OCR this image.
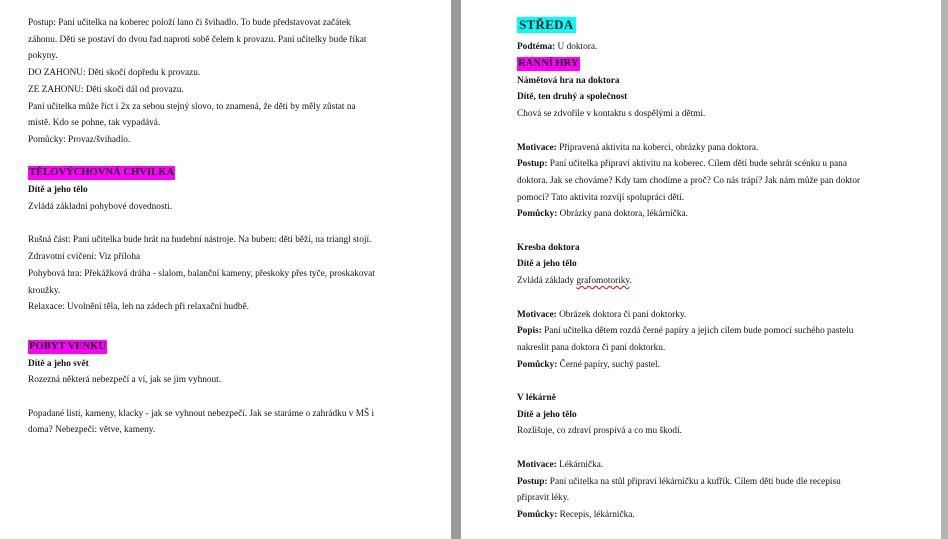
Postup: Paní učitelka na koberec položí lano či švihadlo. To bude představovat začátek

záhonu. Děti se postaví do dvou řad naproti sobě čelem k provazu. Paní učitelky bude říkat

pokyny.

DO ZAHONU: Děti skočí dopředu k provazu.

ZE ZAHONU: Děti skočí dál od provazu.

Paní učitelka může říct i 2x za sebou stejný slovo, to znamená, že děti by měly zůstat na

místě. Kdo se pohne, tak vypadává.

Pomůcky: Provaz/švihadlo.

TĚLOVÝCHOVNÁ CHVILKA

Dítě a jeho tělo

Zvládá základní pohybové dovednosti.

Rušná část: Paní učitelka bude hrát na hudební nástroje. Na buben: děti běží, na triangl stojí.

Zdravotní cvičení: Viz příloha

Pohybová hra: Překážková dráha - slalom, balanční kameny, přeskoky přes tyče, proskakovat

kroužky.

Relaxace: Uvolnění těla, leh na zádech při relaxační hudbě.

POBYT VENKU

Dítě a jeho svět

Rozezná některá nebezpečí a ví, jak se jim vyhnout.

Popadané listí, kameny, klacky - jak se vyhnout nebezpečí. Jak se staráme o zahrádku v MŠ i

doma? Nebezpečí: větve, kameny.

STŘEDA

Podtéma: U doktora.

RANNÍ HRY

Námětová hra na doktora

Dítě, ten druhý a společnost

Chová se zdvořile v kontaktu s dospělými a dětmi.

Motivace: Připravená aktivita na koberci, obrázky pana doktora.

Postup: Paní učitelka připraví aktivitu na koberec. Cílem dětí bude sehrát scénku u pana

doktora. Jak se chováme? Kdy tam chodíme a proč? Co nás trápí? Jak nám může pan doktor

pomoci? Tato aktivita rozvíjí spolupráci dětí.

Pomůcky: Obrázky pana doktora, lékárnička.

Kresba doktora

Dítě a jeho tělo

Zvládá základy grafomotoriky.

Motivace: Obrázek doktora či paní doktorky.

Popis: Paní učitelka dětem rozdá černé papíry a jejich cílem bude pomocí suchého pastelu

nakreslit pana doktora či paní doktorku.

Pomůcky: Černé papíry, suchý pastel.

V lékárně

Dítě a jeho tělo

Rozlišuje, co zdraví prospívá a co mu škodí.

Motivace: Lékárnička.

Postup: Paní učitelka na stůl připraví lékárničku a kufřík. Cílem dětí bude dle recepisu

připravit léky.

Pomůcky: Recepis, lékárnička.
